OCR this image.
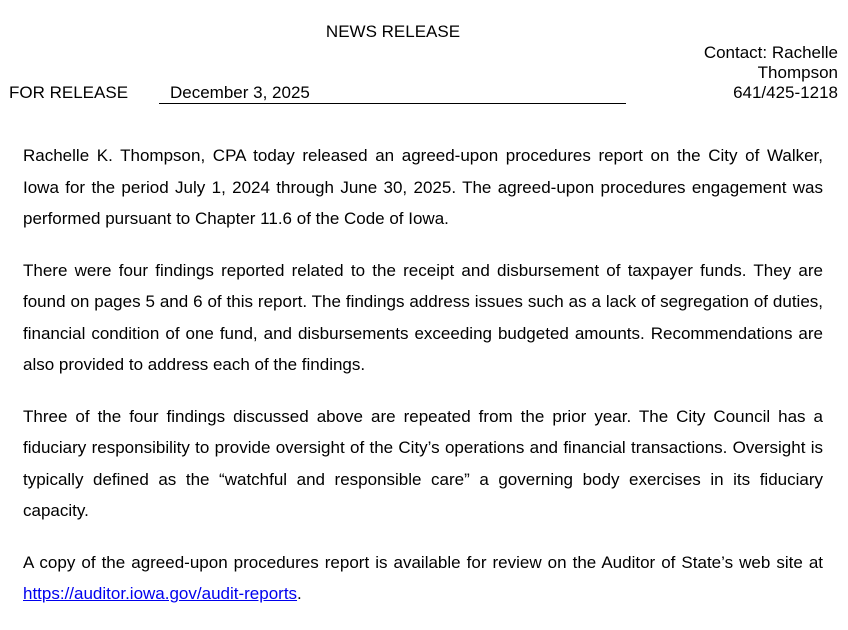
NEWS RELEASE
Contact: Rachelle
Thompson
641/425-1218
FOR RELEASE	December 3, 2025

Rachelle K. Thompson, CPA today released an agreed-upon procedures report on the City of Walker, Iowa for the period July 1, 2024 through June 30, 2025. The agreed-upon procedures engagement was performed pursuant to Chapter 11.6 of the Code of Iowa.

There were four findings reported related to the receipt and disbursement of taxpayer funds. They are found on pages 5 and 6 of this report. The findings address issues such as a lack of segregation of duties, financial condition of one fund, and disbursements exceeding budgeted amounts. Recommendations are also provided to address each of the findings.

Three of the four findings discussed above are repeated from the prior year. The City Council has a fiduciary responsibility to provide oversight of the City’s operations and financial transactions. Oversight is typically defined as the “watchful and responsible care” a governing body exercises in its fiduciary capacity.

A copy of the agreed-upon procedures report is available for review on the Auditor of State’s web site at https://auditor.iowa.gov/audit-reports.
